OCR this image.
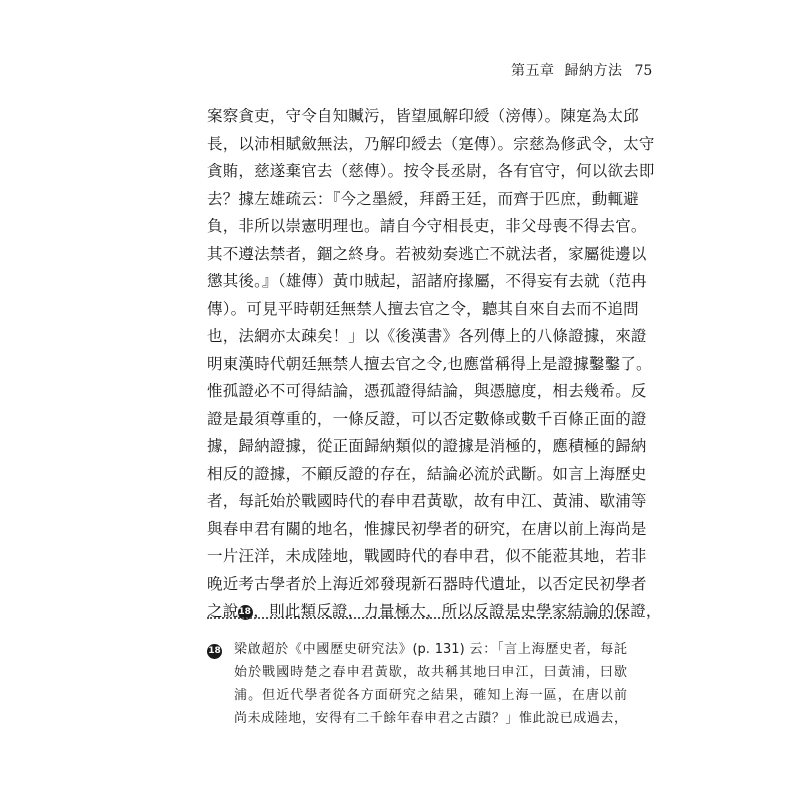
第五章 歸納方法 75
案察貪吏，守令自知贓污，皆望風解印綬（滂傳）。陳寔為太邱
長，以沛相賦斂無法，乃解印綬去（寔傳）。宗慈為修武令，太守
貪賄，慈遂棄官去（慈傳）。按令長丞尉，各有官守，何以欲去即
去？據左雄疏云：『今之墨綬，拜爵王廷，而齊于匹庶，動輒避
負，非所以崇憲明理也。請自今守相長吏，非父母喪不得去官。
其不遵法禁者，錮之終身。若被劾奏逃亡不就法者，家屬徙邊以
懲其後。』（雄傳）黃巾賊起，詔諸府掾屬，不得妄有去就（范冉
傳）。可見平時朝廷無禁人擅去官之令，聽其自來自去而不追問
也，法網亦太疎矣！」以《後漢書》各列傳上的八條證據，來證
明東漢時代朝廷無禁人擅去官之令,也應當稱得上是證據鑿鑿了。
惟孤證必不可得結論，憑孤證得結論，與憑臆度，相去幾希。反
證是最須尊重的，一條反證，可以否定數條或數千百條正面的證
據，歸納證據，從正面歸納類似的證據是消極的，應積極的歸納
相反的證據，不顧反證的存在，結論必流於武斷。如言上海歷史
者，每託始於戰國時代的春申君黃歇，故有申江、黃浦、歇浦等
與春申君有關的地名，惟據民初學者的研究，在唐以前上海尚是
一片汪洋，未成陸地，戰國時代的春申君，似不能蒞其地，若非
晚近考古學者於上海近郊發現新石器時代遺址，以否定民初學者
之說18 ，則此類反證，力量極大，所以反證是史學家結論的保證，
18 梁啟超於《中國歷史研究法》(p. 131) 云：「言上海歷史者，每託
始於戰國時楚之春申君黃歇，故共稱其地曰申江，曰黃浦，曰歇
浦。但近代學者從各方面研究之結果，確知上海一區，在唐以前
尚未成陸地，安得有二千餘年春申君之古蹟？」惟此說已成過去，
